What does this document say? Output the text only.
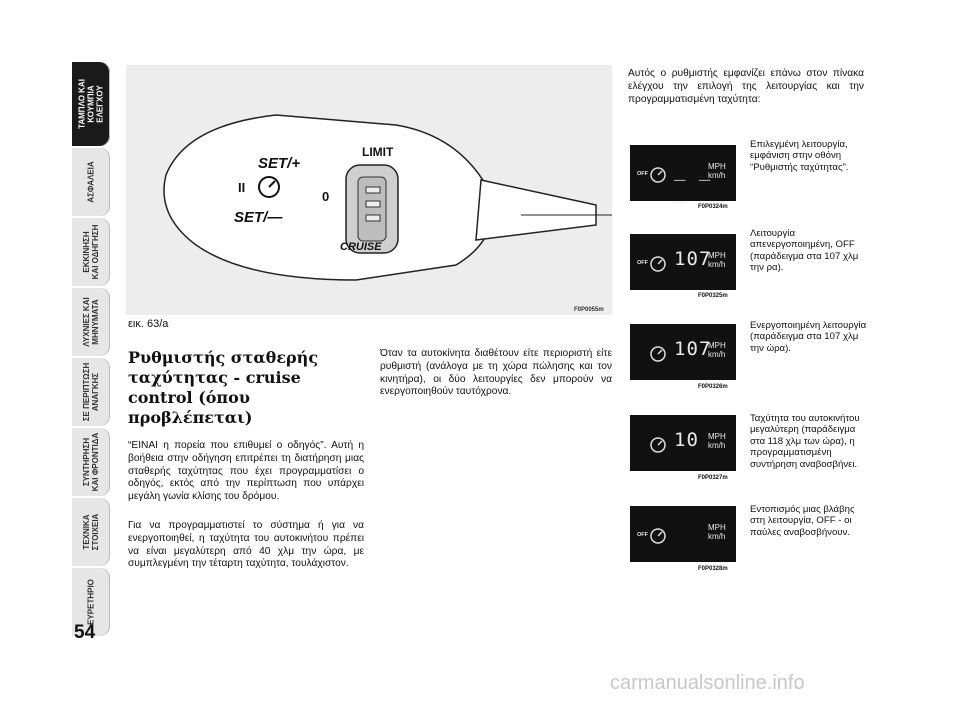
ΤΑΜΠΛΟ ΚΑΙ
ΚΟΥΜΠΙΑ
ΕΛΕΓΧΟΥ
ΑΣΦΑΛΕΙΑ
ΕΚΚΙΝΗΣΗ
ΚΑΙ ΟΔΗΓΗΣΗ
ΛΥΧΝΙΕΣ ΚΑΙ
ΜΗΝΥΜΑΤΑ
ΣΕ ΠΕΡΙΠΤΩΣΗ
ΑΝΑΓΚΗΣ
ΣΥΝΤΗΡΗΣΗ
ΚΑΙ ΦΡΟΝΤΙΔΑ
ΤΕΧΝΙΚΑ
ΣΤΟΙΧΕΙΑ
ΕΥΡΕΤΗΡΙΟ
54
SET/+
SET/—
LIMIT
CRUISE
0
II
F0P0055m
εικ. 63/a
Ρυθμιστής σταθερής ταχύτητας - cruise control (όπου προβλέπεται)
“ΕΙΝΑΙ η πορεία που επιθυμεί ο οδηγός”. Αυτή η βοήθεια στην οδήγηση επιτρέπει τη διατήρηση μιας σταθερής ταχύτητας που έχει προγραμματίσει ο οδηγός, εκτός από την περίπτωση που υπάρχει μεγάλη γωνία κλίσης του δρόμου.
Για να προγραμματιστεί το σύστημα ή για να ενεργοποιηθεί, η ταχύτητα του αυτοκινήτου πρέπει να είναι μεγαλύτερη από 40 χλμ την ώρα, με συμπλεγμένη την τέταρτη ταχύτητα, τουλάχιστον.
Όταν τα αυτοκίνητα διαθέτουν είτε περιοριστή είτε ρυθμιστή (ανάλογα με τη χώρα πώλησης και τον κινητήρα), οι δύο λειτουργίες δεν μπορούν να ενεργοποιηθούν ταυτόχρονα.
Αυτός ο ρυθμιστής εμφανίζει επάνω στον πίνακα ελέγχου την επιλογή της λειτουργίας και την προγραμματισμένη ταχύτητα:
OFF _ _ _
MPH
km/h
F0P0324m
Επιλεγμένη λειτουργία, εμφάνιση στην οθόνη “Ρυθμιστής ταχύτητας”.
OFF 107
MPH
km/h
F0P0325m
Λειτουργία απενεργοποιημένη, OFF (παράδειγμα στα 107 χλμ την ρα).
107
MPH
km/h
F0P0326m
Ενεργοποιημένη λειτουργία (παράδειγμα στα 107 χλμ την ώρα).
10 MPH
km/h
F0P0327m
Ταχύτητα του αυτοκινήτου μεγαλύτερη (παράδειγμα στα 118 χλμ των ώρα), η προγραμματισμένη συντήρηση αναβοσβήνει.
OFF
MPH
km/h
F0P0328m
Εντοπισμός μιας βλάβης στη λειτουργία, OFF - οι παύλες αναβοσβήνουν.
carmanualsonline.info
